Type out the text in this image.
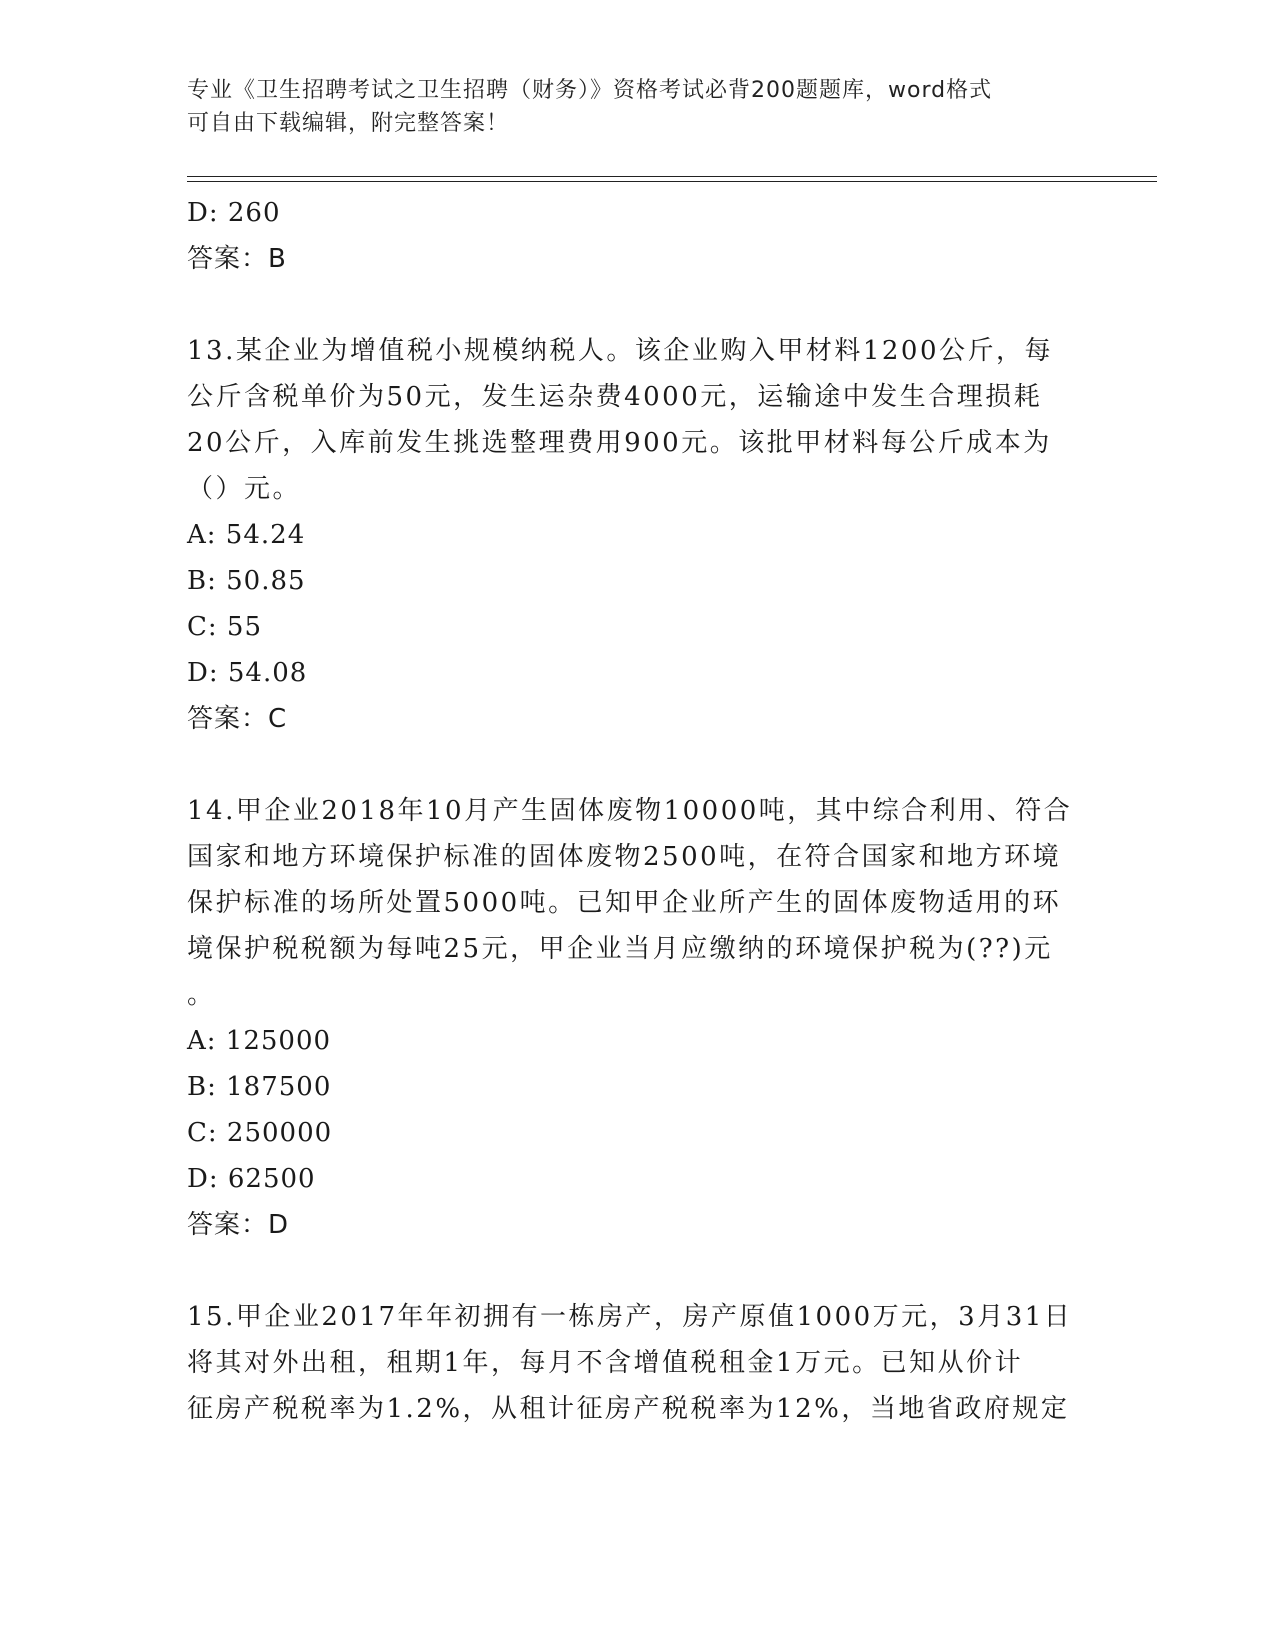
专业《卫生招聘考试之卫生招聘（财务）》资格考试必背200题题库，word格式
可自由下载编辑，附完整答案！
D: 260
答案：B
13.某企业为增值税小规模纳税人。该企业购入甲材料1200公斤，每
公斤含税单价为50元，发生运杂费4000元，运输途中发生合理损耗
20公斤，入库前发生挑选整理费用900元。该批甲材料每公斤成本为
（）元。
A: 54.24
B: 50.85
C: 55
D: 54.08
答案：C
14.甲企业2018年10月产生固体废物10000吨，其中综合利用、符合
国家和地方环境保护标准的固体废物2500吨，在符合国家和地方环境
保护标准的场所处置5000吨。已知甲企业所产生的固体废物适用的环
境保护税税额为每吨25元，甲企业当月应缴纳的环境保护税为(??)元
。
A: 125000
B: 187500
C: 250000
D: 62500
答案：D
15.甲企业2017年年初拥有一栋房产，房产原值1000万元，3月31日
将其对外出租，租期1年，每月不含增值税租金1万元。已知从价计
征房产税税率为1.2%，从租计征房产税税率为12%，当地省政府规定
